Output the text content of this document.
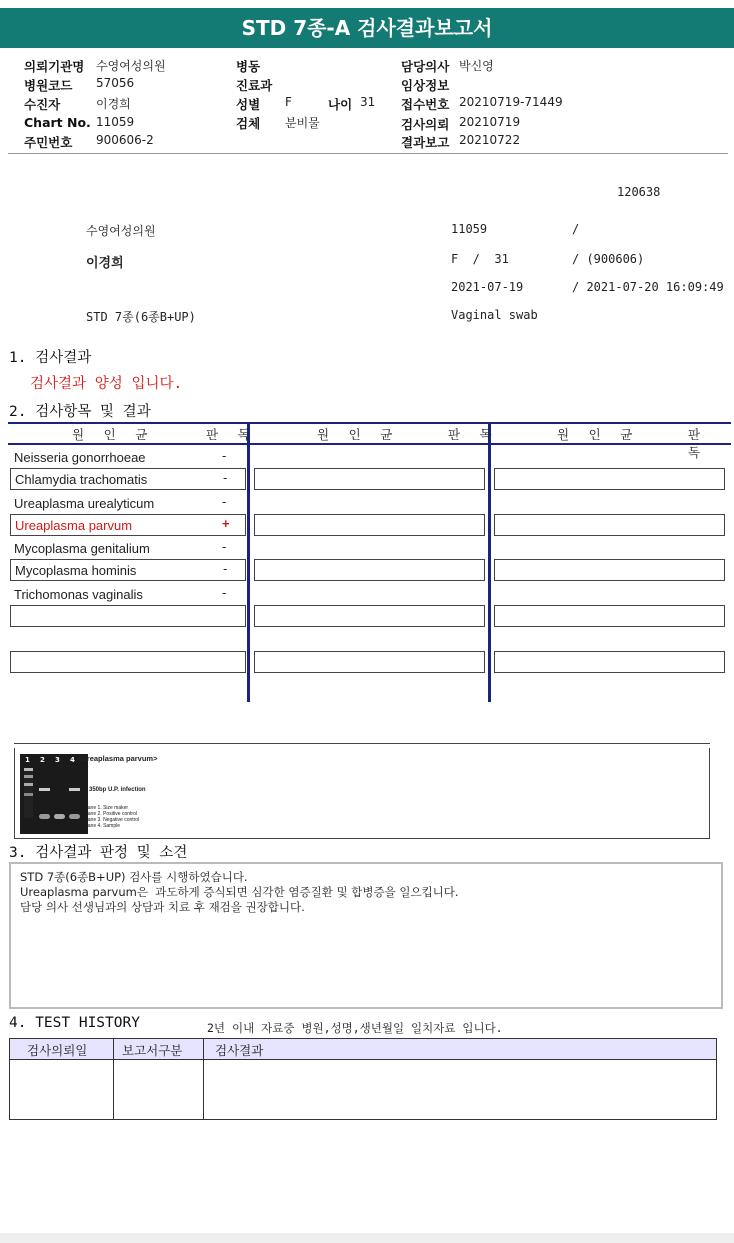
STD 7종-A 검사결과보고서
의뢰기관명 수영여성의원
병원코드 57056
수진자	이경희
Chart No. 11059
주민번호 900606-2
병동
진료과
성별 F	나이 31
검체 분비물
담당의사 박신영
임상정보
접수번호 20210719-71449
검사의뢰 20210719
결과보고 20210722
120638
수영여성의원	11059	/
이경희	F  /  31	/ (900606)
2021-07-19	/ 2021-07-20 16:09:49
STD 7종(6종B+UP)	Vaginal swab
1. 검사결과
검사결과 양성 입니다.
2. 검사항목 및 결과
원 인 균	판 독	원 인 균	판 독	원 인 균	판 독
Neisseria gonorrhoeae	-
Chlamydia trachomatis	-
Ureaplasma urealyticum	-
Ureaplasma parvum	+
Mycoplasma genitalium	-
Mycoplasma hominis	-
Trichomonas vaginalis	-
1 2 3 4 <Ureaplasma parvum>
350bp U.P. infection
Lane 1. Size maker
Lane 2. Positive control
Lane 3. Negative control
Lane 4. Sample
3. 검사결과 판정 및 소견
STD 7종(6종B+UP) 검사를 시행하였습니다.
Ureaplasma parvum은  과도하게 증식되면 심각한 염증질환 및 합병증을 일으킵니다.
담당 의사 선생님과의 상담과 치료 후 재검을 권장합니다.
4. TEST HISTORY	2년 이내 자료중 병원,성명,생년월일 일치자료 입니다.
검사의뢰일	보고서구분	검사결과
